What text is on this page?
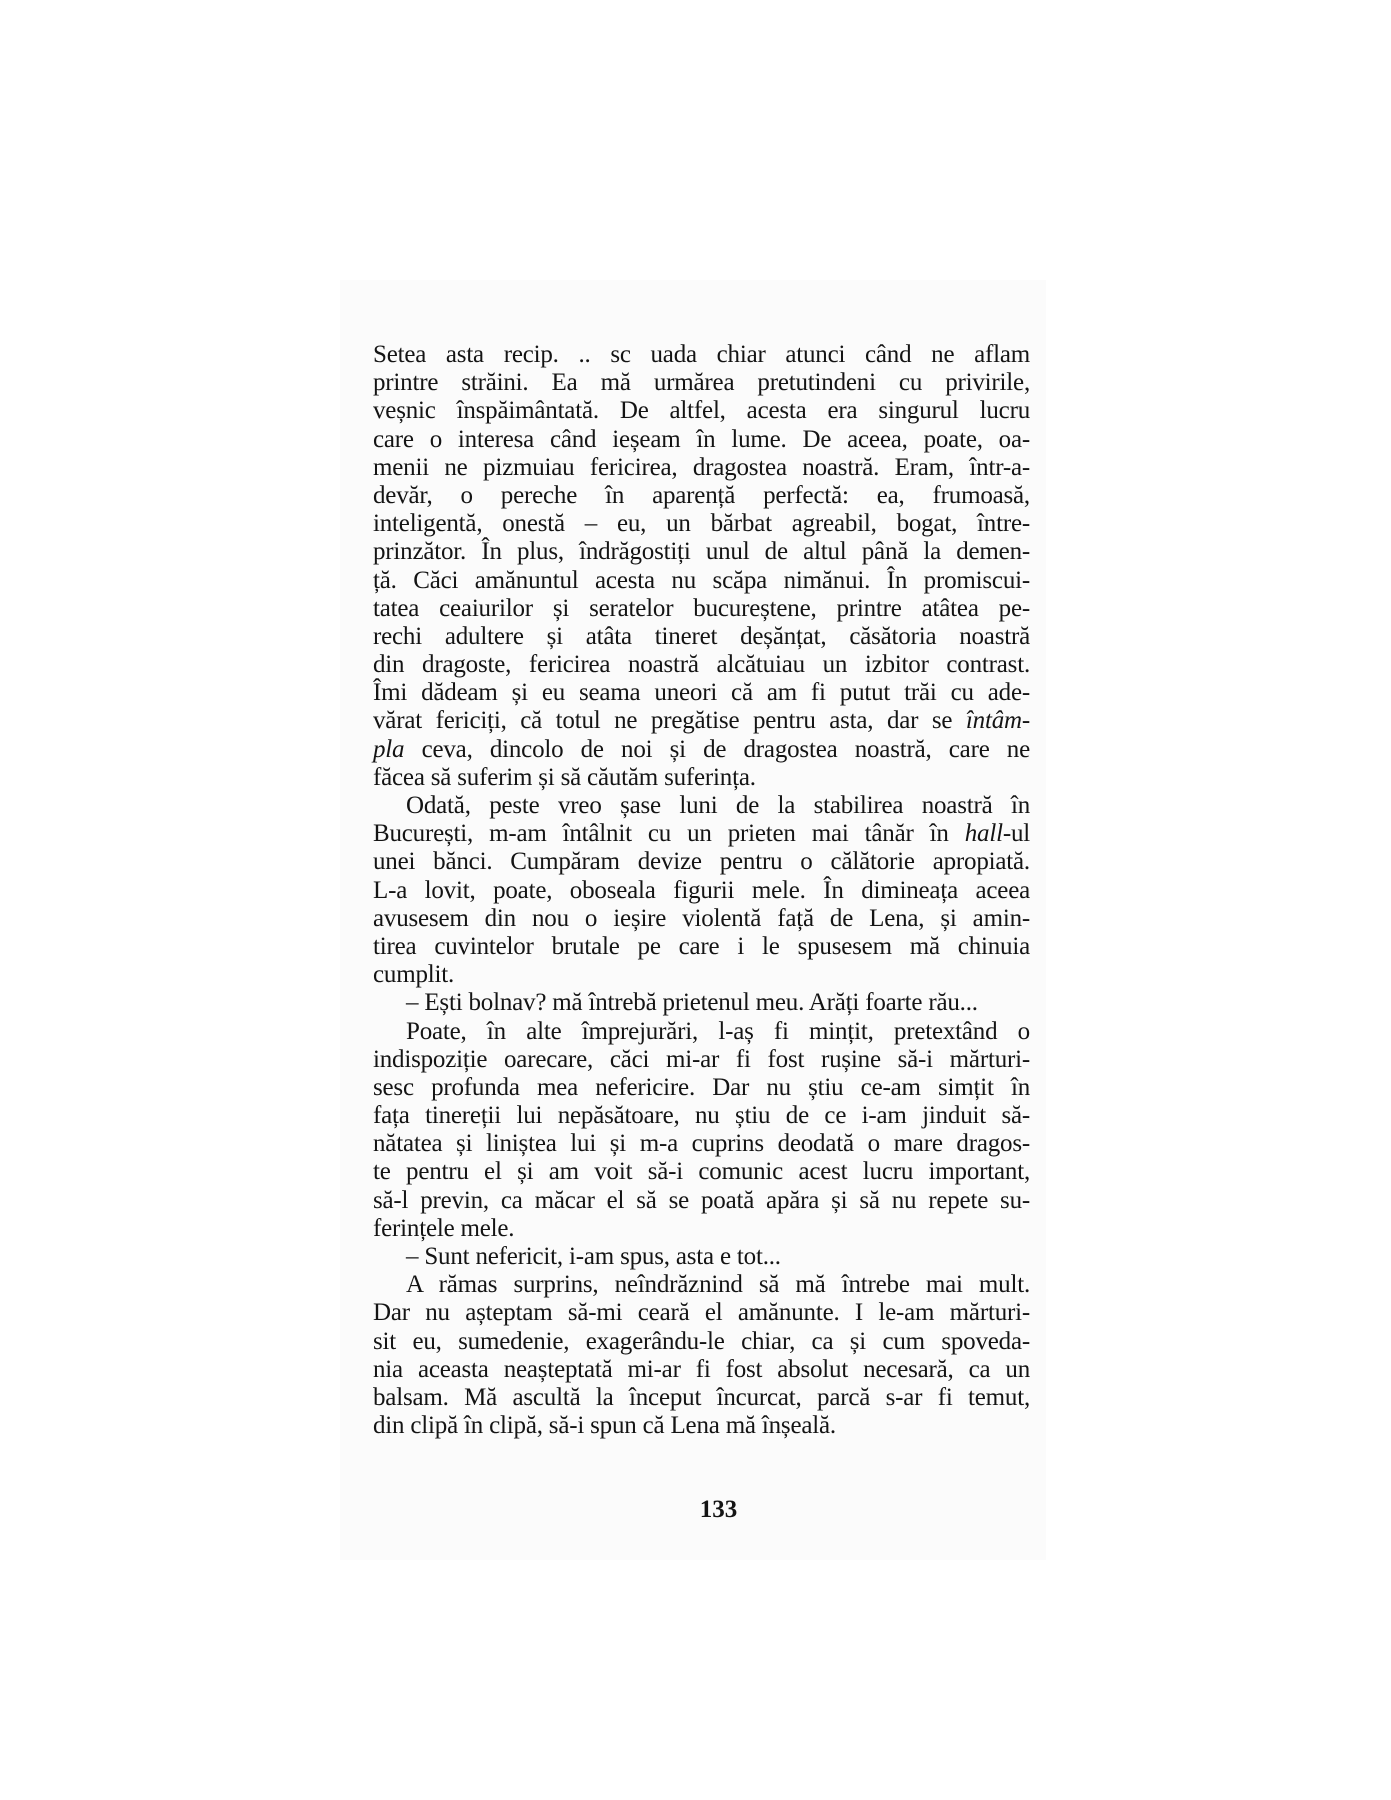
Setea asta recip. .. sc uada chiar atunci când ne aflam
printre străini. Ea mă urmărea pretutindeni cu privirile,
veșnic înspăimântată. De altfel, acesta era singurul lucru
care o interesa când ieșeam în lume. De aceea, poate, oa-
menii ne pizmuiau fericirea, dragostea noastră. Eram, într-a-
devăr, o pereche în aparență perfectă: ea, frumoasă,
inteligentă, onestă – eu, un bărbat agreabil, bogat, între-
prinzător. În plus, îndrăgostiți unul de altul până la demen-
ță. Căci amănuntul acesta nu scăpa nimănui. În promiscui-
tatea ceaiurilor și seratelor bucureștene, printre atâtea pe-
rechi adultere și atâta tineret deșănțat, căsătoria noastră
din dragoste, fericirea noastră alcătuiau un izbitor contrast.
Îmi dădeam și eu seama uneori că am fi putut trăi cu ade-
vărat fericiți, că totul ne pregătise pentru asta, dar se întâm-
pla ceva, dincolo de noi și de dragostea noastră, care ne
făcea să suferim și să căutăm suferința.
Odată, peste vreo șase luni de la stabilirea noastră în
București, m-am întâlnit cu un prieten mai tânăr în hall-ul
unei bănci. Cumpăram devize pentru o călătorie apropiată.
L-a lovit, poate, oboseala figurii mele. În dimineața aceea
avusesem din nou o ieșire violentă față de Lena, și amin-
tirea cuvintelor brutale pe care i le spusesem mă chinuia
cumplit.
– Ești bolnav? mă întrebă prietenul meu. Arăți foarte rău...
Poate, în alte împrejurări, l-aș fi mințit, pretextând o
indispoziție oarecare, căci mi-ar fi fost rușine să-i mărturi-
sesc profunda mea nefericire. Dar nu știu ce-am simțit în
fața tinereții lui nepăsătoare, nu știu de ce i-am jinduit să-
nătatea și liniștea lui și m-a cuprins deodată o mare dragos-
te pentru el și am voit să-i comunic acest lucru important,
să-l previn, ca măcar el să se poată apăra și să nu repete su-
ferințele mele.
– Sunt nefericit, i-am spus, asta e tot...
A rămas surprins, neîndrăznind să mă întrebe mai mult.
Dar nu așteptam să-mi ceară el amănunte. I le-am mărturi-
sit eu, sumedenie, exagerându-le chiar, ca și cum spoveda-
nia aceasta neașteptată mi-ar fi fost absolut necesară, ca un
balsam. Mă ascultă la început încurcat, parcă s-ar fi temut,
din clipă în clipă, să-i spun că Lena mă înșeală.
133
